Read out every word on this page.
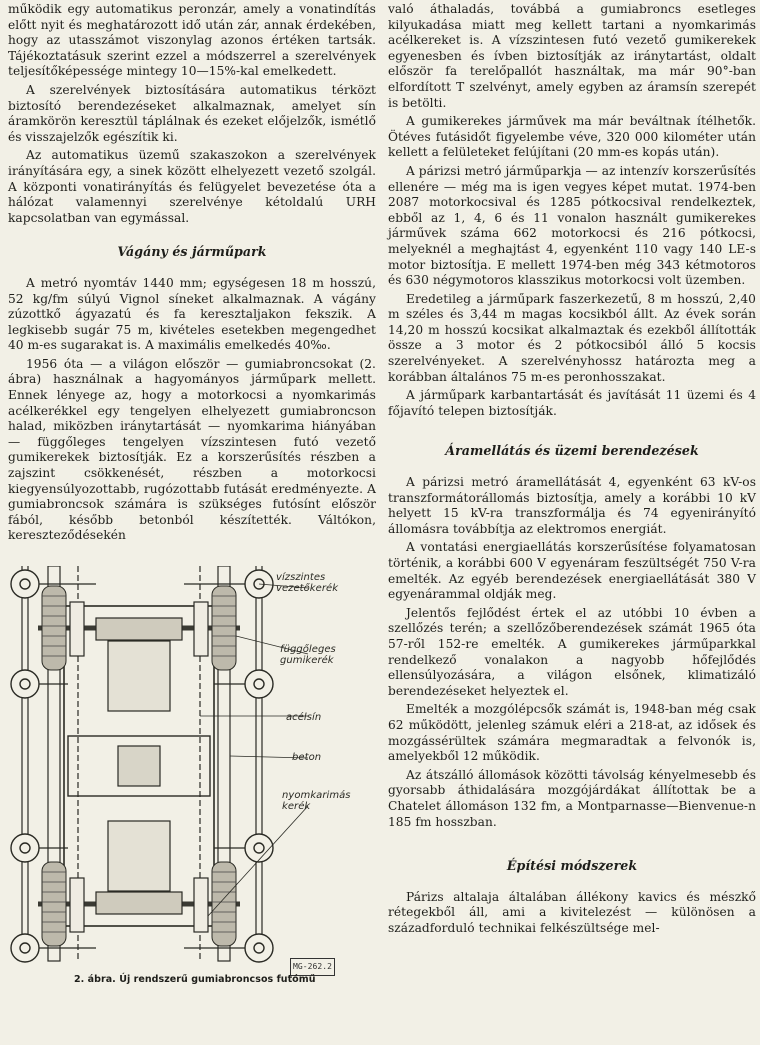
működik egy automatikus peronzár, amely a vonatindítás előtt nyit és meghatározott idő után zár, annak érdekében, hogy az utasszámot viszonylag azonos értéken tartsák. Tájékoztatásuk szerint ezzel a módszerrel a szerelvények teljesítőképessége mintegy 10—15%-kal emelkedett.

A szerelvények biztosítására automatikus térközt biztosító berendezéseket alkalmaznak, amelyet sín áramkörön keresztül táplálnak és ezeket előjelzők, ismétlő és visszajelzők egészítik ki.

Az automatikus üzemű szakaszokon a szerelvények irányítására egy, a sinek között elhelyezett vezető szolgál. A központi vonatirányítás és felügyelet bevezetése óta a hálózat valamennyi szerelvénye kétoldalú URH kapcsolatban van egymással.

Vágány és járműpark

A metró nyomtáv 1440 mm; egységesen 18 m hosszú, 52 kg/fm súlyú Vignol síneket alkalmaznak. A vágány zúzottkő ágyazatú és fa keresztaljakon fekszik. A legkisebb sugár 75 m, kivételes esetekben megengedhet 40 m-es sugarakat is. A maximális emelkedés 40‰.

1956 óta — a világon először — gumiabroncsokat (2. ábra) használnak a hagyományos járműpark mellett. Ennek lényege az, hogy a motorkocsi a nyomkarimás acélkerékkel egy tengelyen elhelyezett gumiabroncson halad, miközben iránytartását — nyomkarima hiányában — függőleges tengelyen vízszintesen futó vezető gumikerekek biztosítják. Ez a korszerűsítés részben a zajszint csökkenését, részben a motorkocsi kiegyensúlyozottabb, rugózottabb futását eredményezte. A gumiabroncsok számára is szükséges futósínt először fából, később betonból készítették. Váltókon, kereszteződésekén

vízszintes
vezetőkerék
függőleges
gumikerék
acélsín
beton
nyomkarimás
kerék
MG-262.2
2. ábra. Új rendszerű gumiabroncsos futómű

való áthaladás, továbbá a gumiabroncs esetleges kilyukadása miatt meg kellett tartani a nyomkarimás acélkereket is. A vízszintesen futó vezető gumikerekek egyenesben és ívben biztosítják az iránytartást, oldalt először fa terelőpallót használtak, ma már 90°-ban elfordított T szelvényt, amely egyben az áramsín szerepét is betölti.

A gumikerekes járművek ma már beváltnak ítélhetők. Ötéves futásidőt figyelembe véve, 320 000 kilométer után kellett a felületeket felújítani (20 mm-es kopás után).

A párizsi metró járműparkja — az intenzív korszerűsítés ellenére — még ma is igen vegyes képet mutat. 1974-ben 2087 motorkocsival és 1285 pótkocsival rendelkeztek, ebből az 1, 4, 6 és 11 vonalon használt gumikerekes járművek száma 662 motorkocsi és 216 pótkocsi, melyeknél a meghajtást 4, egyenként 110 vagy 140 LE-s motor biztosítja. E mellett 1974-ben még 343 kétmotoros és 630 négymotoros klasszikus motorkocsi volt üzemben.

Eredetileg a járműpark faszerkezetű, 8 m hosszú, 2,40 m széles és 3,44 m magas kocsikból állt. Az évek során 14,20 m hosszú kocsikat alkalmaztak és ezekből állították össze a 3 motor és 2 pótkocsiból álló 5 kocsis szerelvényeket. A szerelvényhossz határozta meg a korábban általános 75 m-es peronhosszakat.

A járműpark karbantartását és javítását 11 üzemi és 4 főjavító telepen biztosítják.

Áramellátás és üzemi berendezések

A párizsi metró áramellátását 4, egyenként 63 kV-os transzformátorállomás biztosítja, amely a korábbi 10 kV helyett 15 kV-ra transzformálja és 74 egyenirányító állomásra továbbítja az elektromos energiát.

A vontatási energiaellátás korszerűsítése folyamatosan történik, a korábbi 600 V egyenáram feszültségét 750 V-ra emelték. Az egyéb berendezések energiaellátását 380 V egyenárammal oldják meg.

Jelentős fejlődést értek el az utóbbi 10 évben a szellőzés terén; a szellőzőberendezések számát 1965 óta 57-ről 152-re emelték. A gumikerekes járműparkkal rendelkező vonalakon a nagyobb hőfejlődés ellensúlyozására, a világon elsőnek, klimatizáló berendezéseket helyeztek el.

Emelték a mozgólépcsők számát is, 1948-ban még csak 62 működött, jelenleg számuk eléri a 218-at, az idősek és mozgássérültek számára megmaradtak a felvonók is, amelyekből 12 működik.

Az átszálló állomások közötti távolság kényelmesebb és gyorsabb áthidalására mozgójárdákat állítottak be a Chatelet állomáson 132 fm, a Montparnasse—Bienvenue-n 185 fm hosszban.

Építési módszerek

Párizs altalaja általában állékony kavics és mészkő rétegekből áll, ami a kivitelezést — különösen a századforduló technikai felkészültsége mel-
